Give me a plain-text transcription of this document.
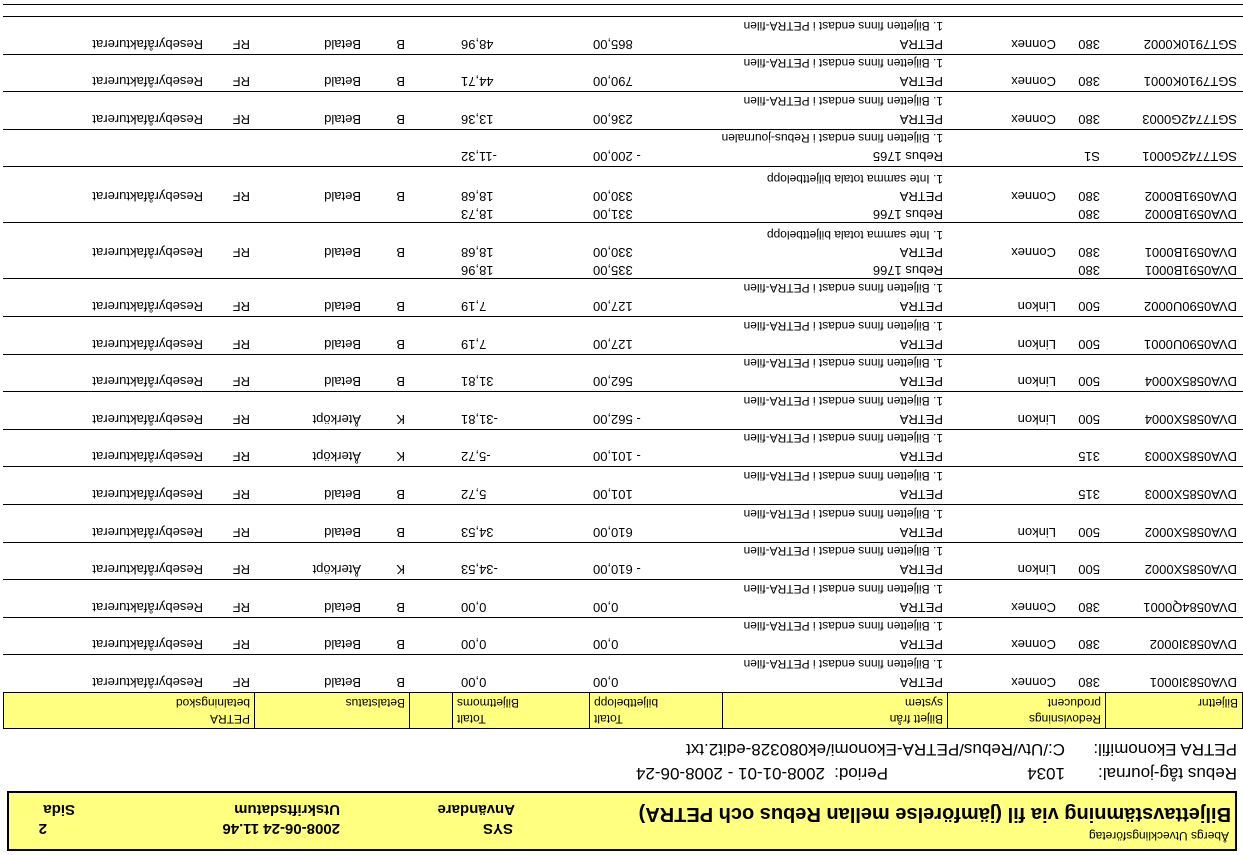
Åbergs Utvecklingsföretag
Biljettavstämning via fil (jämförelse mellan Rebus och PETRA)
Användare
SYS
Utskriftsdatum
2008-06-24 11.46
Sida
2
Rebus tåg-journal:
1034
Period:
2008-01-01 - 2008-06-24
PETRA Ekonomifil:
C:/Utv/Rebus/PETRA-Ekonomi/ek080328-edit2.txt
Biljettnr
Redovisnings
producent
Biljett från
system
Totalt
biljettbelopp
Totalt
Biljettmoms
Betalstatus
PETRA
betalningskod
DVA0583I0001
380
Connex
PETRA
0,00
0,00
B
Betald
RF
Resebyråfakturerat
1. Biljetten finns endast i PETRA-filen
DVA0583I0002
380
Connex
PETRA
0,00
0,00
B
Betald
RF
Resebyråfakturerat
1. Biljetten finns endast i PETRA-filen
DVA0584Q0001
380
Connex
PETRA
0,00
0,00
B
Betald
RF
Resebyråfakturerat
1. Biljetten finns endast i PETRA-filen
DVA0585X0002
500
Linkon
PETRA
- 610,00
-34,53
K
Återköpt
RF
Resebyråfakturerat
1. Biljetten finns endast i PETRA-filen
DVA0585X0002
500
Linkon
PETRA
610,00
34,53
B
Betald
RF
Resebyråfakturerat
1. Biljetten finns endast i PETRA-filen
DVA0585X0003
315
PETRA
101,00
5,72
B
Betald
RF
Resebyråfakturerat
1. Biljetten finns endast i PETRA-filen
DVA0585X0003
315
PETRA
- 101,00
-5,72
K
Återköpt
RF
Resebyråfakturerat
1. Biljetten finns endast i PETRA-filen
DVA0585X0004
500
Linkon
PETRA
- 562,00
-31,81
K
Återköpt
RF
Resebyråfakturerat
1. Biljetten finns endast i PETRA-filen
DVA0585X0004
500
Linkon
PETRA
562,00
31,81
B
Betald
RF
Resebyråfakturerat
1. Biljetten finns endast i PETRA-filen
DVA0590U0001
500
Linkon
PETRA
127,00
7,19
B
Betald
RF
Resebyråfakturerat
1. Biljetten finns endast i PETRA-filen
DVA0590U0002
500
Linkon
PETRA
127,00
7,19
B
Betald
RF
Resebyråfakturerat
1. Biljetten finns endast i PETRA-filen
DVA0591B0001
380
Rebus 1766
335,00
18,96
DVA0591B0001
380
Connex
PETRA
330,00
18,68
B
Betald
RF
Resebyråfakturerat
1. Inte samma totala biljettbelopp
DVA0591B0002
380
Rebus 1766
331,00
18,73
DVA0591B0002
380
Connex
PETRA
330,00
18,68
B
Betald
RF
Resebyråfakturerat
1. Inte samma totala biljettbelopp
SGT7742G0001
S1
Rebus 1765
- 200,00
-11,32
1. Biljetten finns endast i Rebus-journalen
SGT7742G0003
380
Connex
PETRA
236,00
13,36
B
Betald
RF
Resebyråfakturerat
1. Biljetten finns endast i PETRA-filen
SGT7910K0001
380
Connex
PETRA
790,00
44,71
B
Betald
RF
Resebyråfakturerat
1. Biljetten finns endast i PETRA-filen
SGT7910K0002
380
Connex
PETRA
865,00
48,96
B
Betald
RF
Resebyråfakturerat
1. Biljetten finns endast i PETRA-filen
